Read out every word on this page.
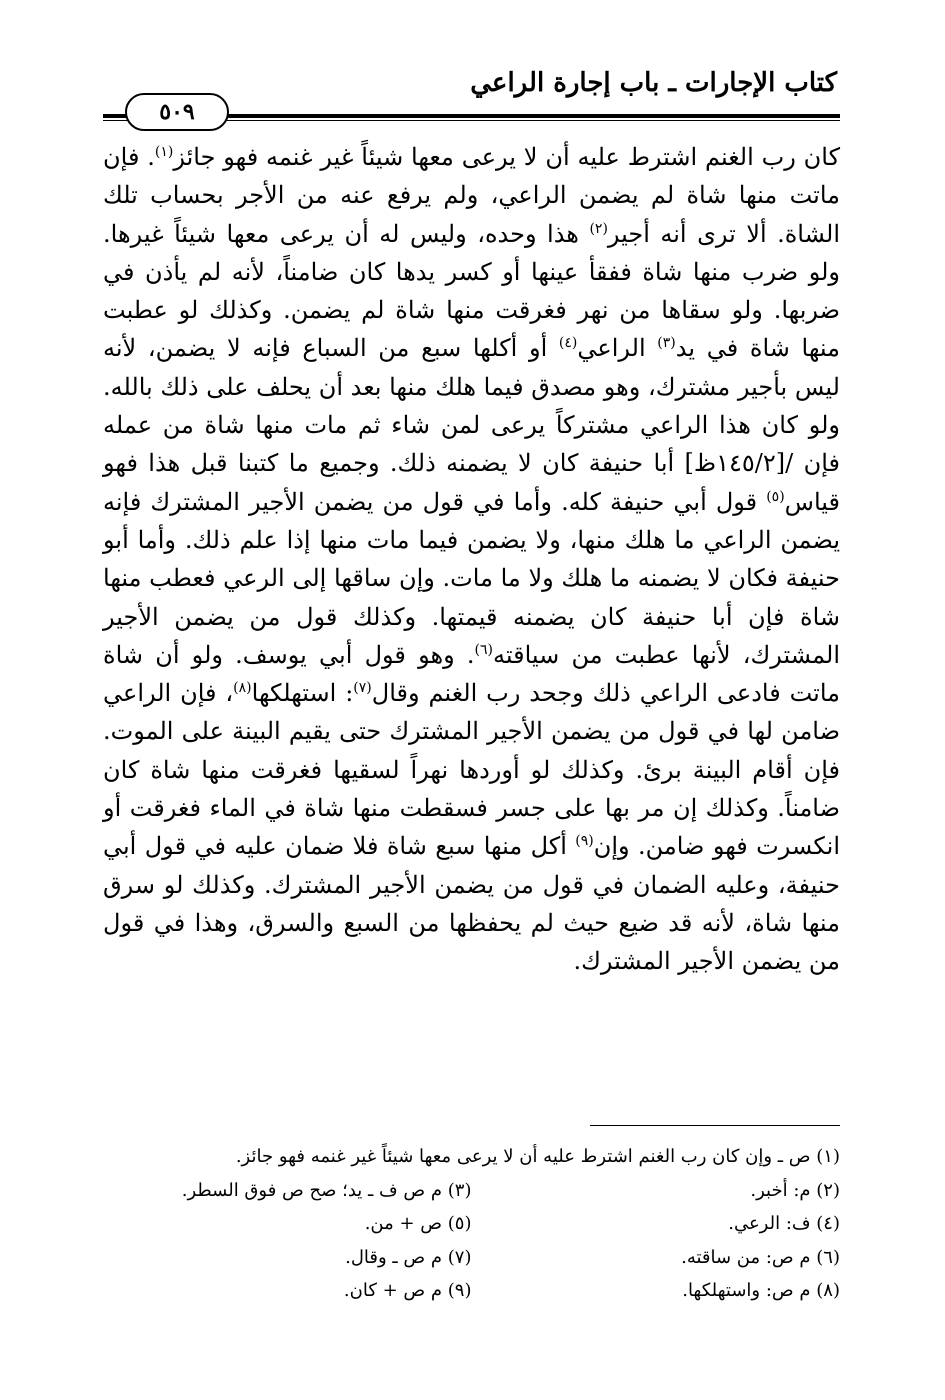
كتاب الإجارات ـ باب إجارة الراعي
٥٠٩

كان رب الغنم اشترط عليه أن لا يرعى معها شيئاً غير غنمه فهو جائز$^{(١)}$. فإن ماتت منها شاة لم يضمن الراعي، ولم يرفع عنه من الأجر بحساب تلك الشاة. ألا ترى أنه أجير$^{(٢)}$ هذا وحده، وليس له أن يرعى معها شيئاً غيرها. ولو ضرب منها شاة ففقأ عينها أو كسر يدها كان ضامناً، لأنه لم يأذن في ضربها. ولو سقاها من نهر فغرقت منها شاة لم يضمن. وكذلك لو عطبت منها شاة في يد$^{(٣)}$ الراعي$^{(٤)}$ أو أكلها سبع من السباع فإنه لا يضمن، لأنه ليس بأجير مشترك، وهو مصدق فيما هلك منها بعد أن يحلف على ذلك بالله. ولو كان هذا الراعي مشتركاً يرعى لمن شاء ثم مات منها شاة من عمله فإن /[١٤٥/٢ظ] أبا حنيفة كان لا يضمنه ذلك. وجميع ما كتبنا قبل هذا فهو قياس$^{(٥)}$ قول أبي حنيفة كله. وأما في قول من يضمن الأجير المشترك فإنه يضمن الراعي ما هلك منها، ولا يضمن فيما مات منها إذا علم ذلك. وأما أبو حنيفة فكان لا يضمنه ما هلك ولا ما مات. وإن ساقها إلى الرعي فعطب منها شاة فإن أبا حنيفة كان يضمنه قيمتها. وكذلك قول من يضمن الأجير المشترك، لأنها عطبت من سياقته$^{(٦)}$. وهو قول أبي يوسف. ولو أن شاة ماتت فادعى الراعي ذلك وجحد رب الغنم وقال$^{(٧)}$: استهلكها$^{(٨)}$، فإن الراعي ضامن لها في قول من يضمن الأجير المشترك حتى يقيم البينة على الموت. فإن أقام البينة برئ. وكذلك لو أوردها نهراً لسقيها فغرقت منها شاة كان ضامناً. وكذلك إن مر بها على جسر فسقطت منها شاة في الماء فغرقت أو انكسرت فهو ضامن. وإن$^{(٩)}$ أكل منها سبع شاة فلا ضمان عليه في قول أبي حنيفة، وعليه الضمان في قول من يضمن الأجير المشترك. وكذلك لو سرق منها شاة، لأنه قد ضيع حيث لم يحفظها من السبع والسرق، وهذا في قول من يضمن الأجير المشترك.

(١) ص ـ وإن كان رب الغنم اشترط عليه أن لا يرعى معها شيئاً غير غنمه فهو جائز.
(٢) م: أخبر.
(٣) م ص ف ـ يد؛ صح ص فوق السطر.
(٤) ف: الرعي.
(٥) ص + من.
(٦) م ص: من ساقته.
(٧) م ص ـ وقال.
(٨) م ص: واستهلكها.
(٩) م ص + كان.
